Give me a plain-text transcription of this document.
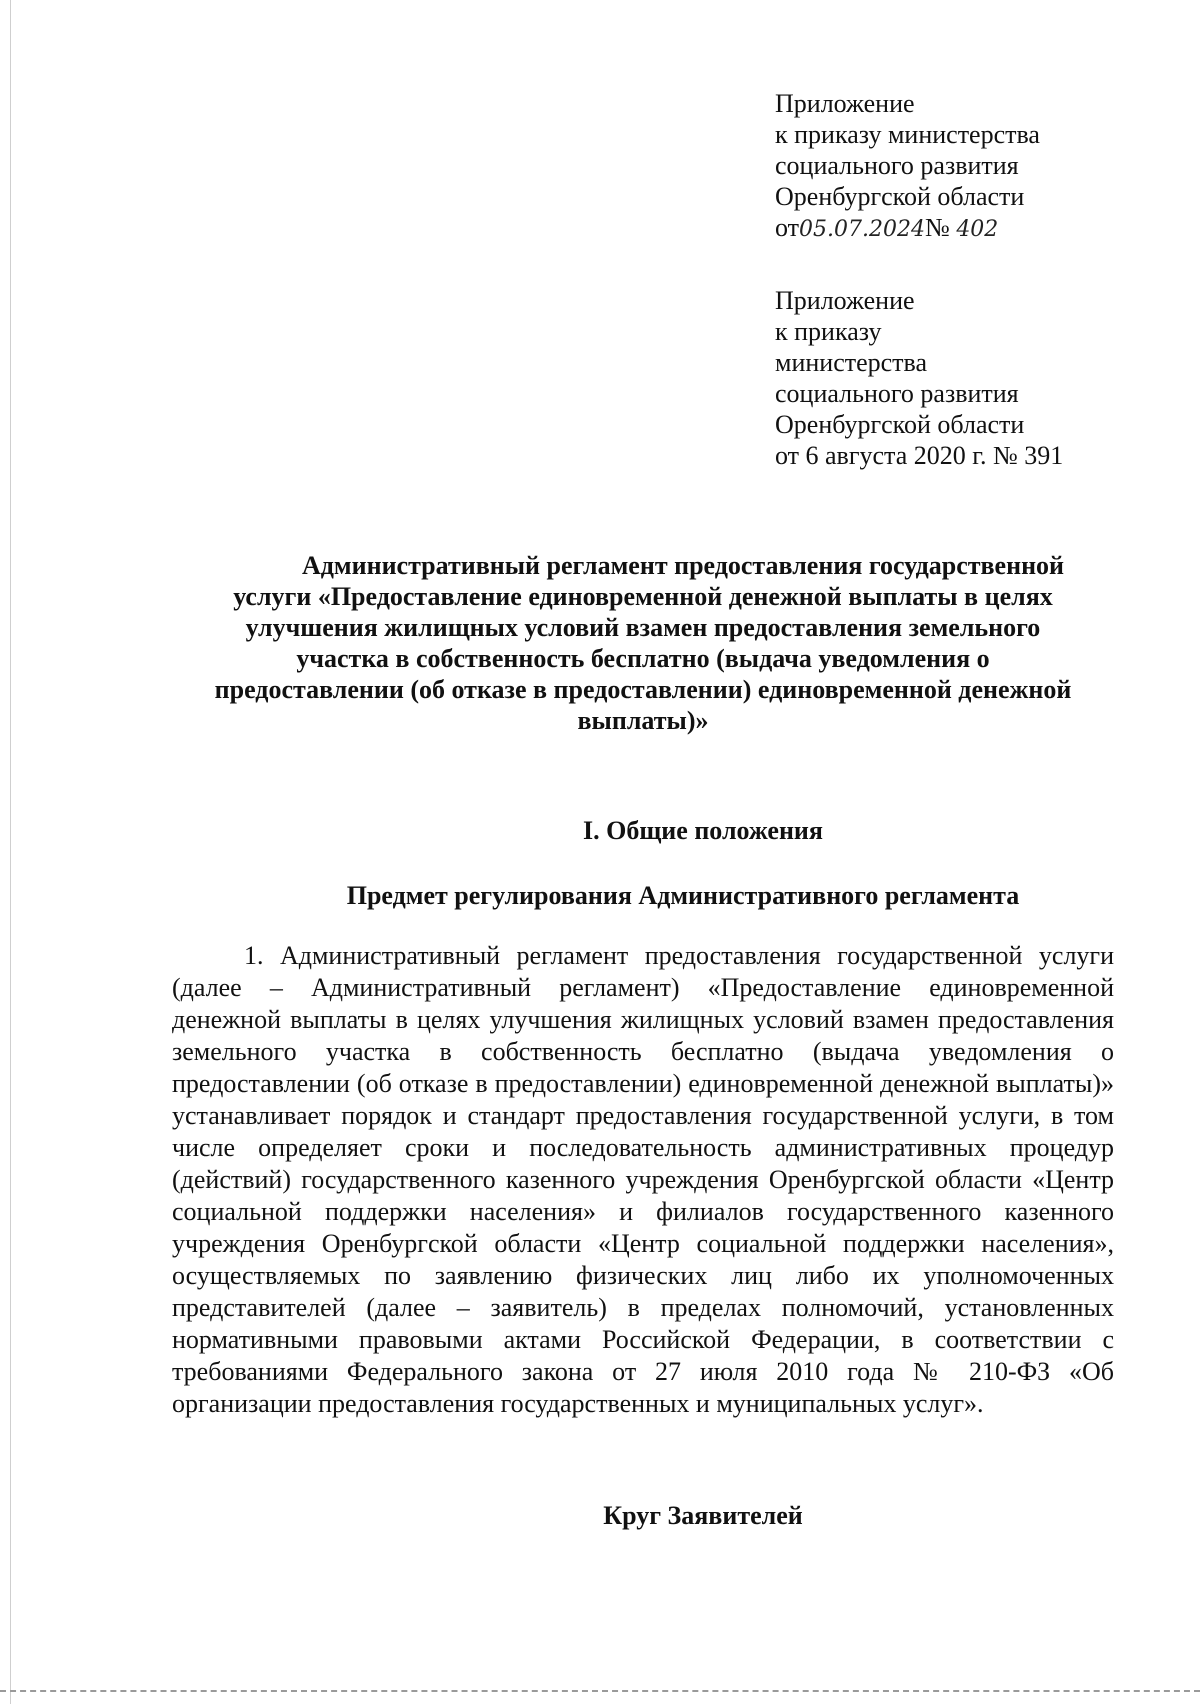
Приложение
к приказу министерства
социального развития
Оренбургской области
от05.07.2024№ 402
Приложение
к приказу
министерства
социального развития
Оренбургской области
от 6 августа 2020 г. № 391
Административный регламент предоставления государственной
услуги «Предоставление единовременной денежной выплаты в целях
улучшения жилищных условий взамен предоставления земельного
участка в собственность бесплатно (выдача уведомления о
предоставлении (об отказе в предоставлении) единовременной денежной
выплаты)»
I. Общие положения
Предмет регулирования Административного регламента
1. Административный регламент предоставления государственной услуги (далее – Административный регламент) «Предоставление единовременной денежной выплаты в целях улучшения жилищных условий взамен предоставления земельного участка в собственность бесплатно (выдача уведомления о предоставлении (об отказе в предоставлении) единовременной денежной выплаты)» устанавливает порядок и стандарт предоставления государственной услуги, в том числе определяет сроки и последовательность административных процедур (действий) государственного казенного учреждения Оренбургской области «Центр социальной поддержки населения» и филиалов государственного казенного учреждения Оренбургской области «Центр социальной поддержки населения», осуществляемых по заявлению физических лиц либо их уполномоченных представителей (далее – заявитель) в пределах полномочий, установленных нормативными правовыми актами Российской Федерации, в соответствии с требованиями Федерального закона от 27 июля 2010 года № 210-ФЗ «Об организации предоставления государственных и муниципальных услуг».
Круг Заявителей
